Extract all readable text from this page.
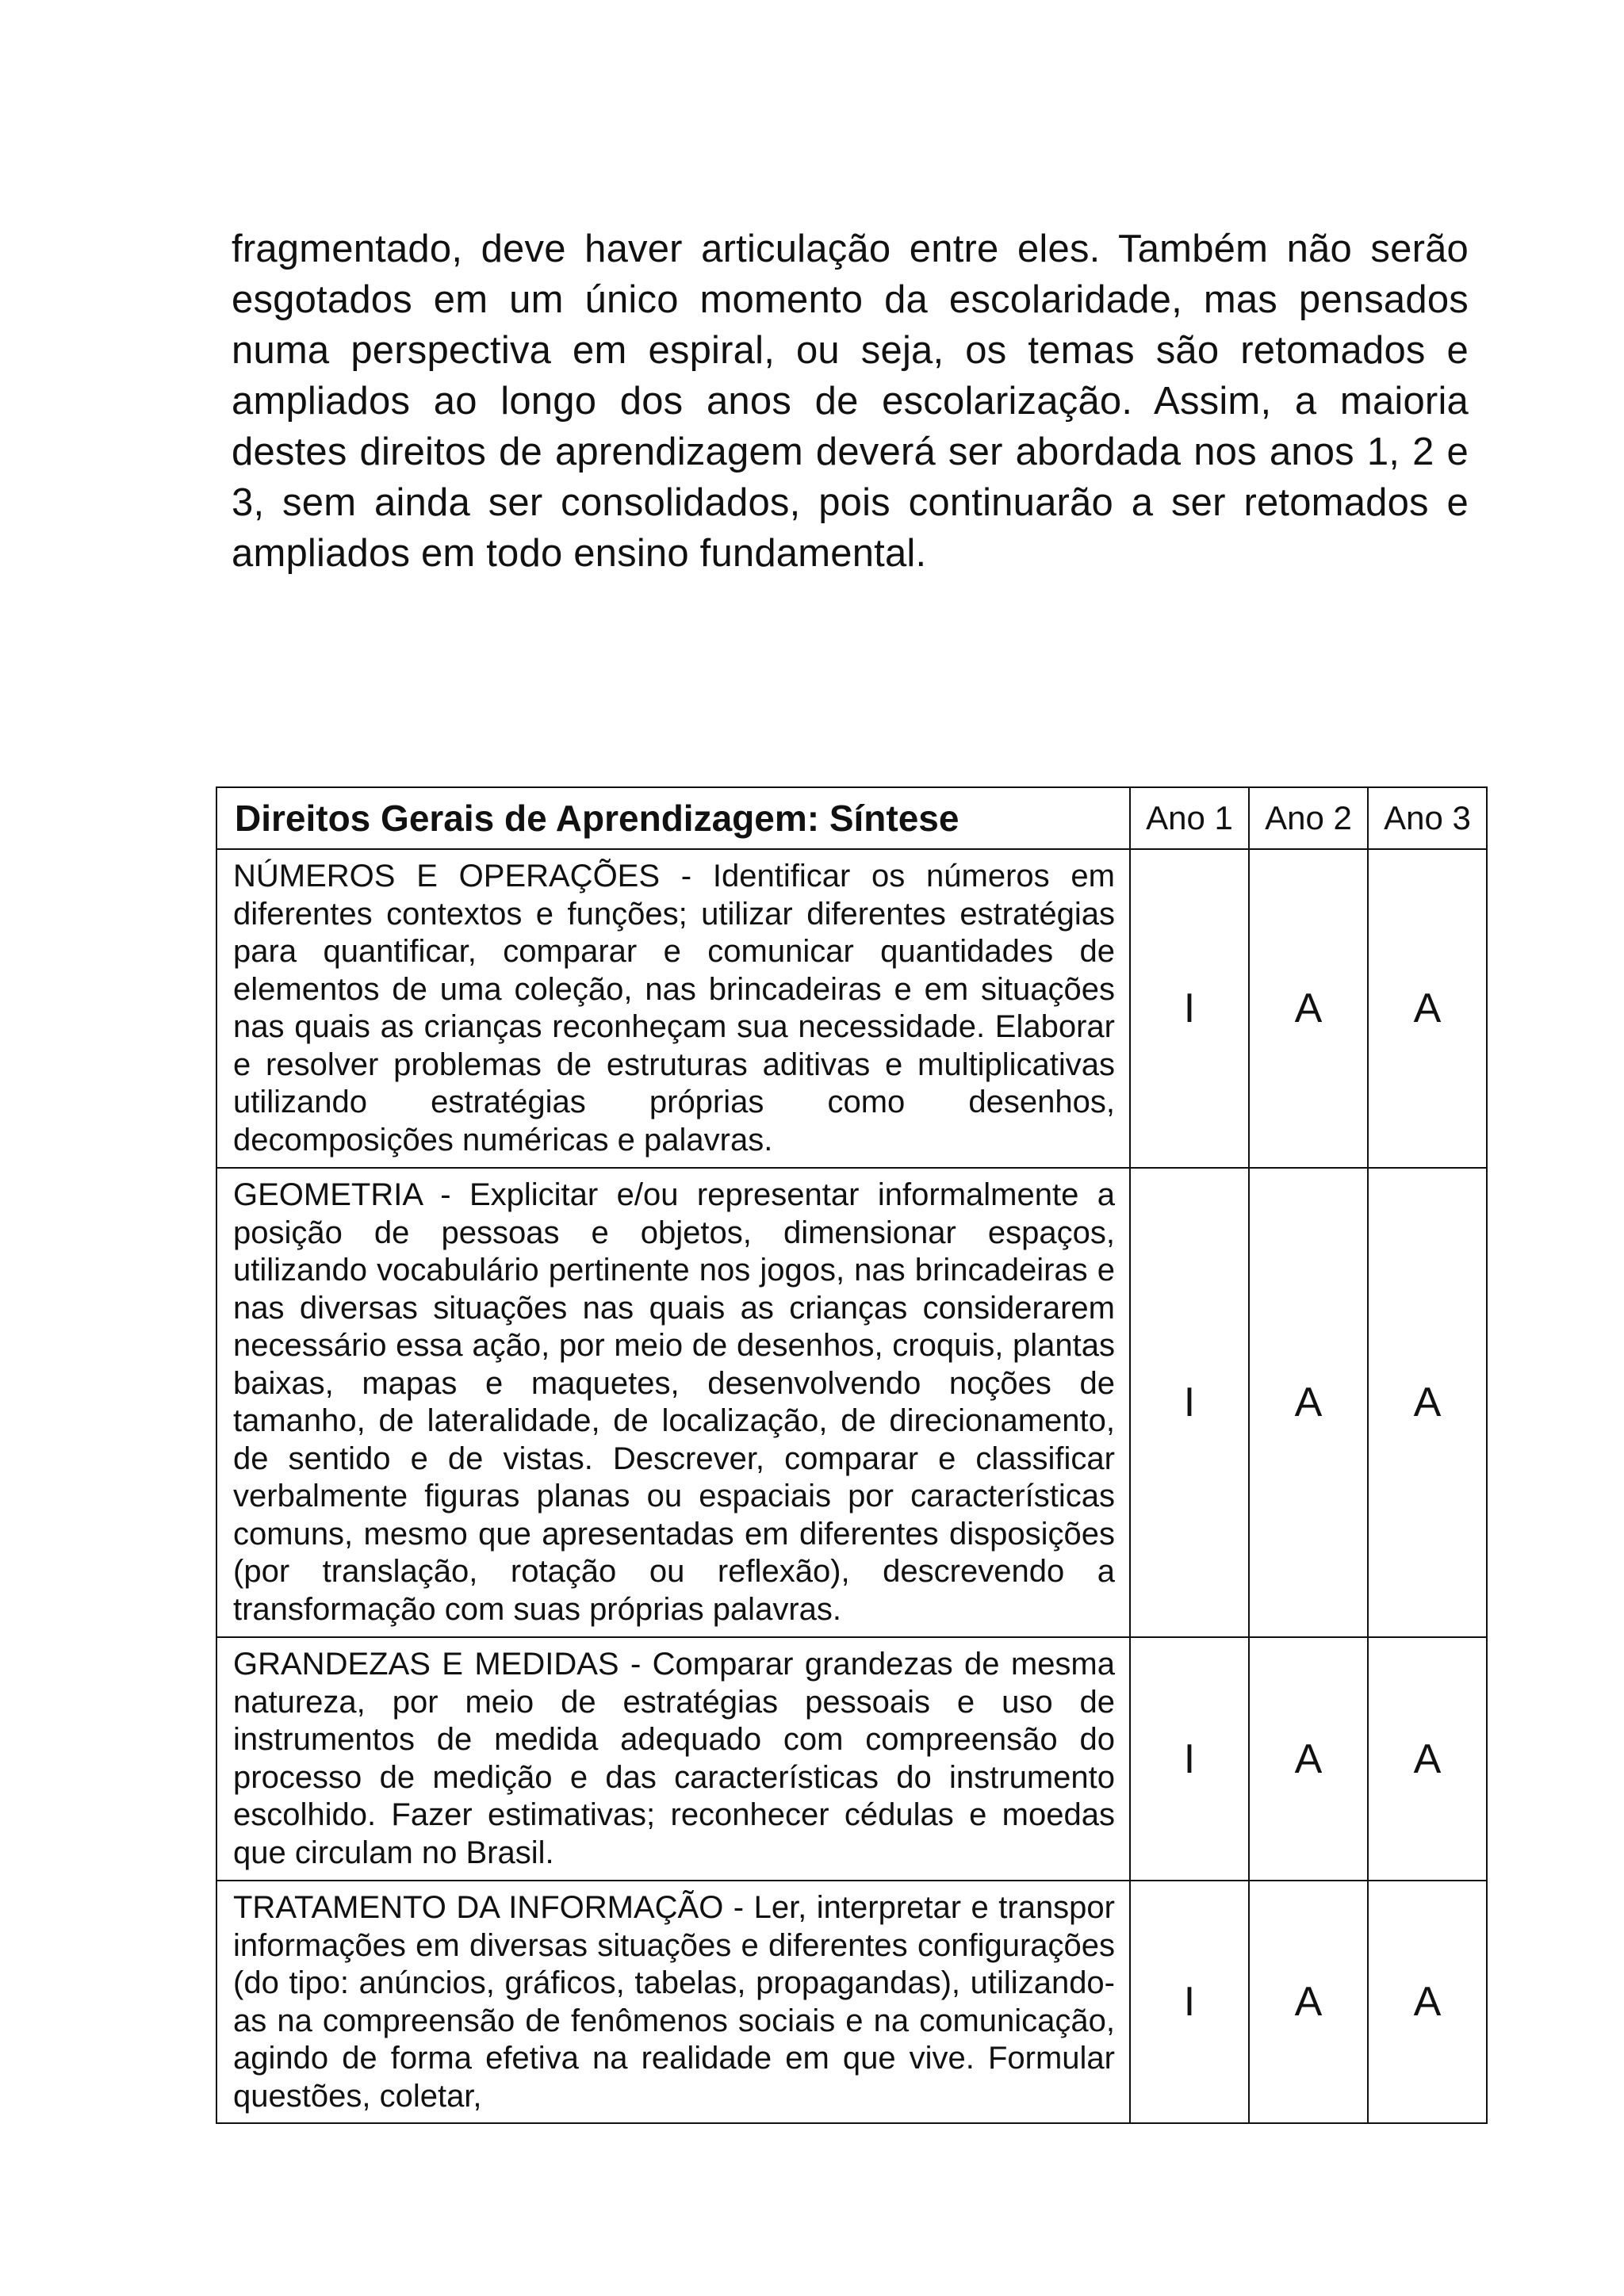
fragmentado, deve haver articulação entre eles. Também não serão esgotados em um único momento da escolaridade, mas pensados numa perspectiva em espiral, ou seja, os temas são retomados e ampliados ao longo dos anos de escolarização. Assim, a maioria destes direitos de aprendizagem deverá ser abordada nos anos 1, 2 e 3, sem ainda ser consolidados, pois continuarão a ser retomados e ampliados em todo ensino fundamental.

Direitos Gerais de Aprendizagem: Síntese	Ano 1	Ano 2	Ano 3
NÚMEROS E OPERAÇÕES - Identificar os números em diferentes contextos e funções; utilizar diferentes estratégias para quantificar, comparar e comunicar quantidades de elementos de uma coleção, nas brincadeiras e em situações nas quais as crianças reconheçam sua necessidade. Elaborar e resolver problemas de estruturas aditivas e multiplicativas utilizando estratégias próprias como desenhos, decomposições numéricas e palavras.	I	A	A
GEOMETRIA - Explicitar e/ou representar informalmente a posição de pessoas e objetos, dimensionar espaços, utilizando vocabulário pertinente nos jogos, nas brincadeiras e nas diversas situações nas quais as crianças considerarem necessário essa ação, por meio de desenhos, croquis, plantas baixas, mapas e maquetes, desenvolvendo noções de tamanho, de lateralidade, de localização, de direcionamento, de sentido e de vistas. Descrever, comparar e classificar verbalmente figuras planas ou espaciais por características comuns, mesmo que apresentadas em diferentes disposições (por translação, rotação ou reflexão), descrevendo a transformação com suas próprias palavras.	I	A	A
GRANDEZAS E MEDIDAS - Comparar grandezas de mesma natureza, por meio de estratégias pessoais e uso de instrumentos de medida adequado com compreensão do processo de medição e das características do instrumento escolhido. Fazer estimativas; reconhecer cédulas e moedas que circulam no Brasil.	I	A	A

TRATAMENTO DA INFORMAÇÃO - Ler, interpretar e transpor informações em diversas situações e diferentes configurações (do tipo: anúncios, gráficos, tabelas, propagandas), utilizando-as na compreensão de fenômenos sociais e na comunicação, agindo de forma efetiva na realidade em que vive. Formular questões, coletar,	I	A	A
